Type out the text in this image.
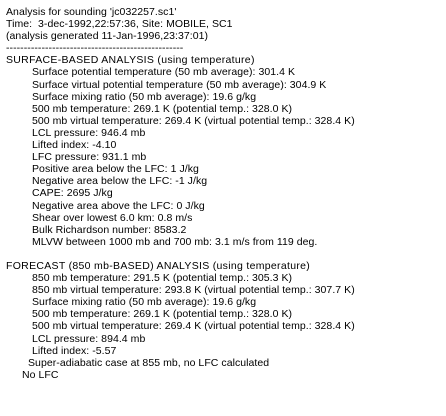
Analysis for sounding 'jc032257.sc1'
Time:  3-dec-1992,22:57:36, Site: MOBILE, SC1
(analysis generated 11-Jan-1996,23:37:01)
--------------------------------------------------
SURFACE-BASED ANALYSIS (using temperature)
Surface potential temperature (50 mb average): 301.4 K
Surface virtual potential temperature (50 mb average): 304.9 K
Surface mixing ratio (50 mb average): 19.6 g/kg
500 mb temperature: 269.1 K (potential temp.: 328.0 K)
500 mb virtual temperature: 269.4 K (virtual potential temp.: 328.4 K)
LCL pressure: 946.4 mb
Lifted index: -4.10
LFC pressure: 931.1 mb
Positive area below the LFC: 1 J/kg
Negative area below the LFC: -1 J/kg
CAPE: 2695 J/kg
Negative area above the LFC: 0 J/kg
Shear over lowest 6.0 km: 0.8 m/s
Bulk Richardson number: 8583.2
MLVW between 1000 mb and 700 mb: 3.1 m/s from 119 deg.
FORECAST (850 mb-BASED) ANALYSIS (using temperature)
850 mb temperature: 291.5 K (potential temp.: 305.3 K)
850 mb virtual temperature: 293.8 K (virtual potential temp.: 307.7 K)
Surface mixing ratio (50 mb average): 19.6 g/kg
500 mb temperature: 269.1 K (potential temp.: 328.0 K)
500 mb virtual temperature: 269.4 K (virtual potential temp.: 328.4 K)
LCL pressure: 894.4 mb
Lifted index: -5.57
Super-adiabatic case at 855 mb, no LFC calculated
No LFC
